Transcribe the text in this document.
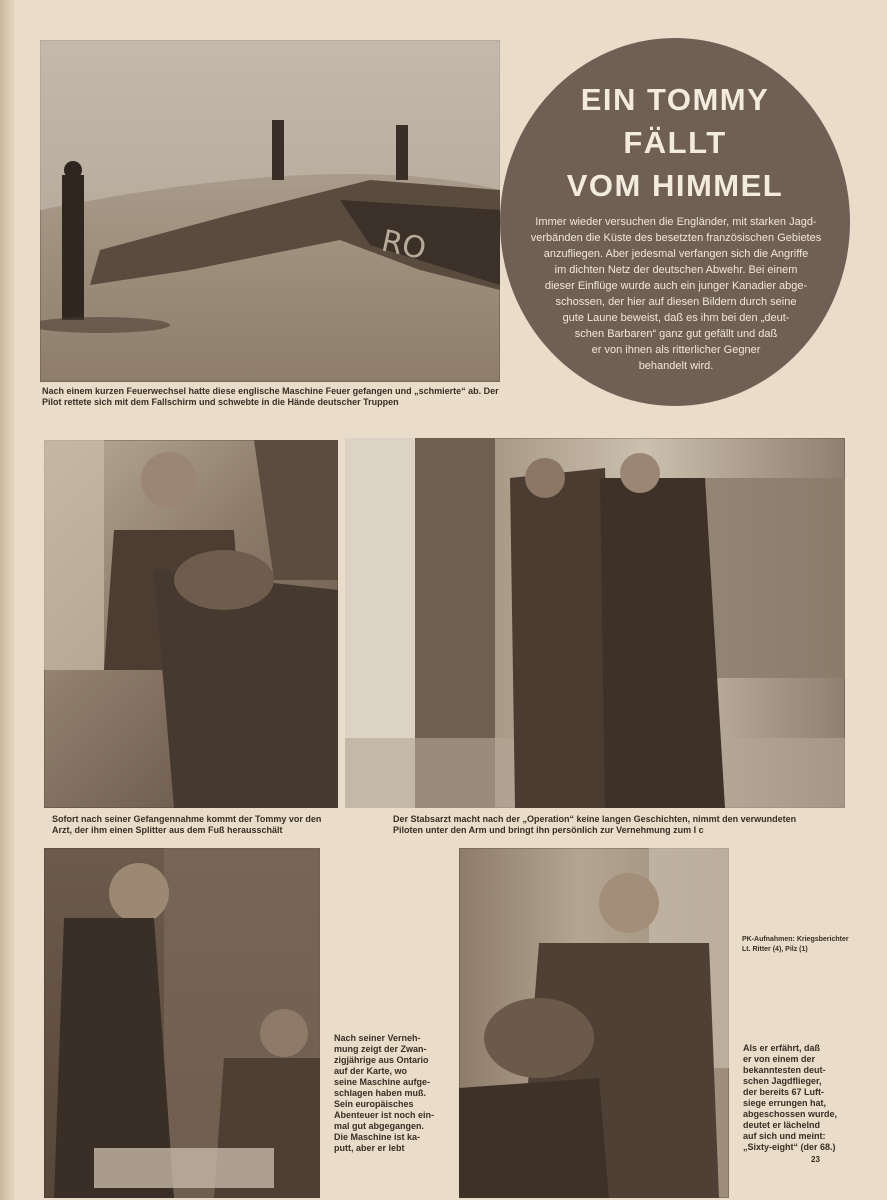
RO
Nach einem kurzen Feuerwechsel hatte diese englische Maschine Feuer gefangen und „schmierte“ ab. Der Pilot rettete sich mit dem Fallschirm und schwebte in die Hände deutscher Truppen
EIN TOMMY
FÄLLT
VOM HIMMEL
Immer wieder versuchen die Engländer, mit starken Jagd-
verbänden die Küste des besetzten französischen Gebietes
anzufliegen. Aber jedesmal verfangen sich die Angriffe
im dichten Netz der deutschen Abwehr. Bei einem
dieser Einflüge wurde auch ein junger Kanadier abge-
schossen, der hier auf diesen Bildern durch seine
gute Laune beweist, daß es ihm bei den „deut-
schen Barbaren“ ganz gut gefällt und daß
er von ihnen als ritterlicher Gegner
behandelt wird.
Sofort nach seiner Gefangennahme kommt der Tommy vor den Arzt, der ihm einen Splitter aus dem Fuß herausschält
Der Stabsarzt macht nach der „Operation“ keine langen Geschichten, nimmt den verwundeten Piloten unter den Arm und bringt ihn persönlich zur Vernehmung zum I c
Nach seiner Verneh-
mung zeigt der Zwan-
zigjährige aus Ontario
auf der Karte, wo
seine Maschine aufge-
schlagen haben muß.
Sein europäisches
Abenteuer ist noch ein-
mal gut abgegangen.
Die Maschine ist ka-
putt, aber er lebt
PK-Aufnahmen: Kriegsberichter Lt. Ritter (4), Pilz (1)
Als er erfährt, daß
er von einem der
bekanntesten deut-
schen Jagdflieger,
der bereits 67 Luft-
siege errungen hat,
abgeschossen wurde,
deutet er lächelnd
auf sich und meint:
„Sixty-eight“ (der 68.)
23
